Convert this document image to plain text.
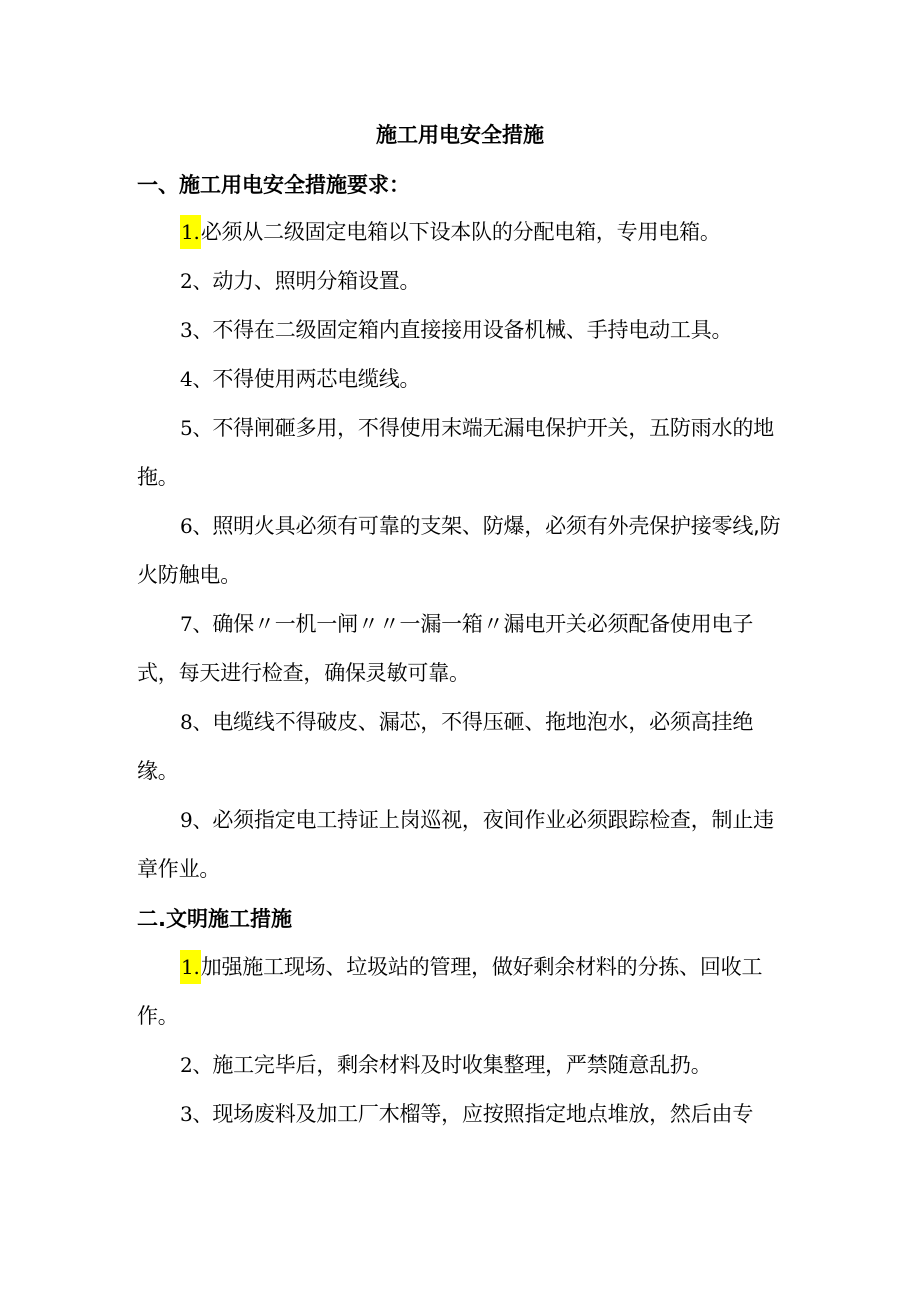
施工用电安全措施
一、施工用电安全措施要求：
1.必须从二级固定电箱以下设本队的分配电箱，专用电箱。
2、动力、照明分箱设置。
3、不得在二级固定箱内直接接用设备机械、手持电动工具。
4、不得使用两芯电缆线。
5、不得闸砸多用，不得使用末端无漏电保护开关，五防雨水的地拖。
6、照明火具必须有可靠的支架、防爆，必须有外壳保护接零线,防火防触电。
7、确保〃一机一闸〃〃一漏一箱〃漏电开关必须配备使用电子式，每天进行检查，确保灵敏可靠。
8、电缆线不得破皮、漏芯，不得压砸、拖地泡水，必须高挂绝缘。
9、必须指定电工持证上岗巡视，夜间作业必须跟踪检查，制止违章作业。
二.文明施工措施
1.加强施工现场、垃圾站的管理，做好剩余材料的分拣、回收工作。
2、施工完毕后，剩余材料及时收集整理，严禁随意乱扔。
3、现场废料及加工厂木榴等，应按照指定地点堆放，然后由专
